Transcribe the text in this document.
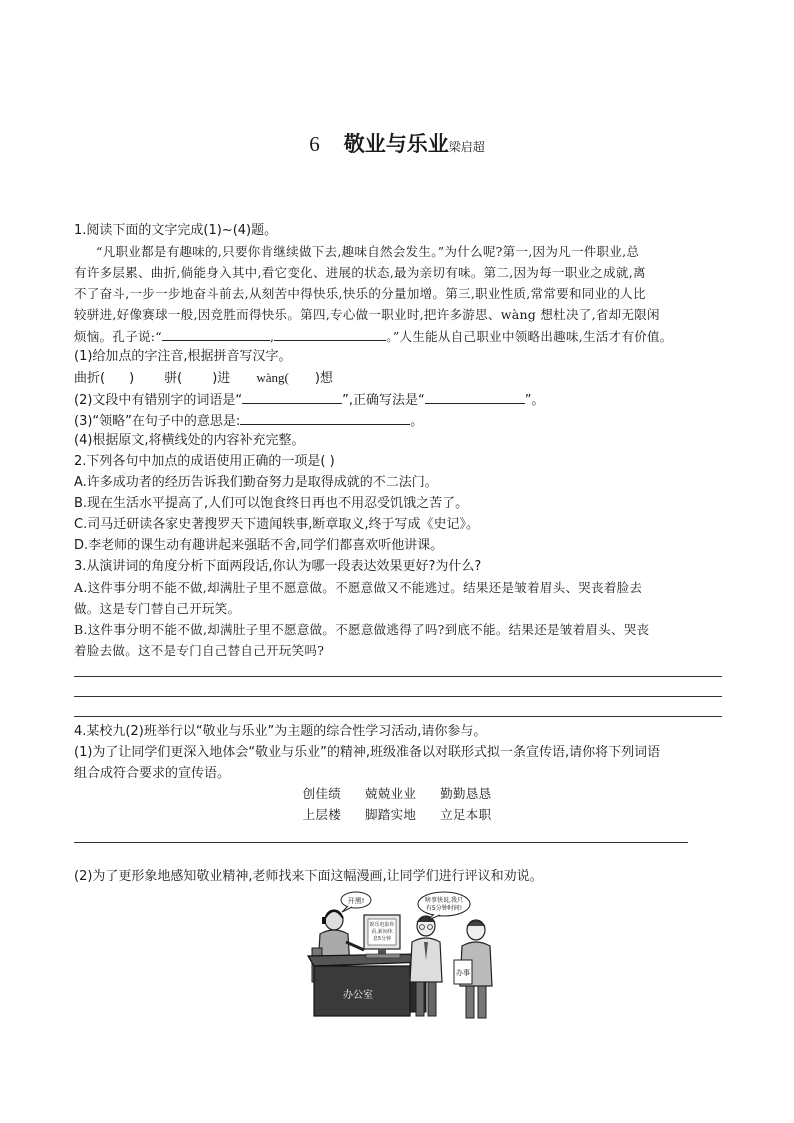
6 敬业与乐业梁启超
1.阅读下面的文字完成(1)~(4)题。
“凡职业都是有趣味的,只要你肯继续做下去,趣味自然会发生。”为什么呢?第一,因为凡一件职业,总
有许多层累、曲折,倘能身入其中,看它变化、进展的状态,最为亲切有味。第二,因为每一职业之成就,离
不了奋斗,一步一步地奋斗前去,从刻苦中得快乐,快乐的分量加增。第三,职业性质,常常要和同业的人比
较骈进,好像赛球一般,因竞胜而得快乐。第四,专心做一职业时,把许多游思、wàng 想杜决了,省却无限闲
烦恼。孔子说:“	,	。”人生能从自己职业中领略出趣味,生活才有价值。
(1)给加点的字注音,根据拼音写汉字。
曲折( ) 骈( )进 wàng( )想
(2)文段中有错别字的词语是“	”,正确写法是“	”。
(3)“领略”在句子中的意思是:	。
(4)根据原文,将横线处的内容补充完整。
2.下列各句中加点的成语使用正确的一项是( )
A.许多成功者的经历告诉我们勤奋努力是取得成就的不二法门。
B.现在生活水平提高了,人们可以饱食终日再也不用忍受饥饿之苦了。
C.司马迁研读各家史著搜罗天下遗闻轶事,断章取义,终于写成《史记》。
D.李老师的课生动有趣讲起来强聒不舍,同学们都喜欢听他讲课。
3.从演讲词的角度分析下面两段话,你认为哪一段表达效果更好?为什么?
A.这件事分明不能不做,却满肚子里不愿意做。不愿意做又不能逃过。结果还是皱着眉头、哭丧着脸去
做。这是专门替自己开玩笑。
B.这件事分明不能不做,却满肚子里不愿意做。不愿意做逃得了吗?到底不能。结果还是皱着眉头、哭丧
着脸去做。这不是专门自己替自己开玩笑吗?
4.某校九(2)班举行以“敬业与乐业”为主题的综合性学习活动,请你参与。
(1)为了让同学们更深入地体会“敬业与乐业”的精神,班级准备以对联形式拟一条宣传语,请你将下列词语
组合成符合要求的宣传语。
创佳绩 兢兢业业 勤勤恳恳
上层楼 脚踏实地 立足本职
(2)为了更形象地感知敬业精神,老师找来下面这幅漫画,让同学们进行评议和劝说。
娱乐电影你
看,新间休
息5分钟
开黑!
办公室
办事
啥事快说,我只
有5分钟时间!
